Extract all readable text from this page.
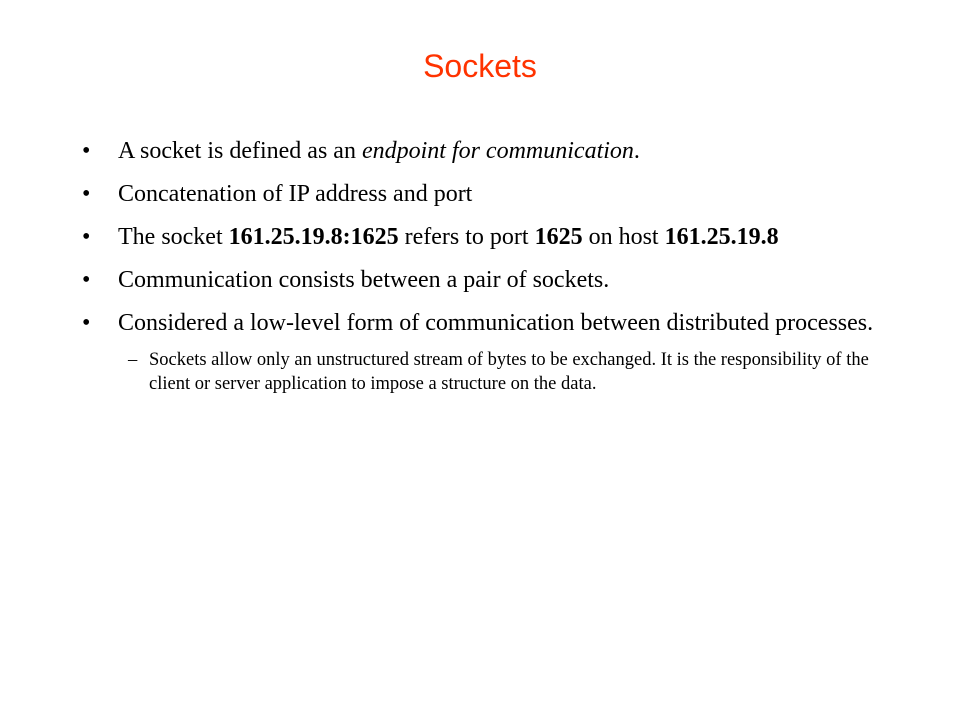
Sockets
•	A socket is defined as an endpoint for communication.
•	Concatenation of IP address and port
•	The socket 161.25.19.8:1625 refers to port 1625 on host 161.25.19.8
•	Communication consists between a pair of sockets.
•	Considered a low-level form of communication between distributed processes.
– Sockets allow only an unstructured stream of bytes to be exchanged. It is the responsibility of the client or server application to impose a structure on the data.
